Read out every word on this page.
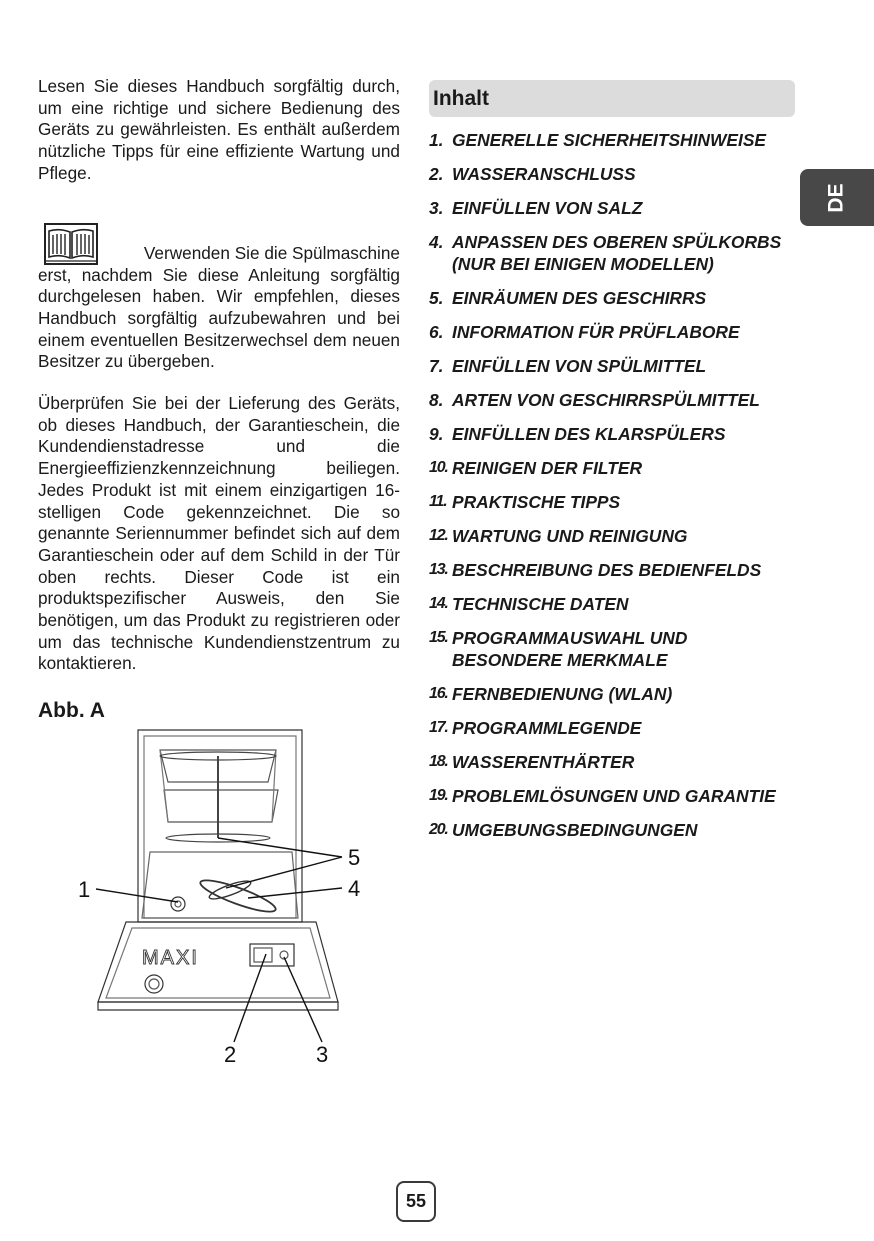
Lesen Sie dieses Handbuch sorgfältig durch, um eine richtige und sichere Bedienung des Geräts zu gewährleisten. Es enthält außerdem nützliche Tipps für eine effiziente Wartung und Pflege.

Verwenden Sie die Spülmaschine

erst, nachdem Sie diese Anleitung sorgfältig durchgelesen haben. Wir empfehlen, dieses Handbuch sorgfältig aufzubewahren und bei einem eventuellen Besitzerwechsel dem neuen Besitzer zu übergeben.

Überprüfen Sie bei der Lieferung des Geräts, ob dieses Handbuch, der Garantieschein, die Kundendienstadresse und die Energieeffizienzkennzeichnung beiliegen. Jedes Produkt ist mit einem einzigartigen 16-stelligen Code gekennzeichnet. Die so genannte Seriennummer befindet sich auf dem Garantieschein oder auf dem Schild in der Tür oben rechts. Dieser Code ist ein produktspezifischer Ausweis, den Sie benötigen, um das Produkt zu registrieren oder um das technische Kundendienstzentrum zu kontaktieren.

Abb. A
MAXI
1
2	3
4
5
Inhalt
1. GENERELLE SICHERHEITSHINWEISE
2. WASSERANSCHLUSS
3. EINFÜLLEN VON SALZ
4. ANPASSEN DES OBEREN SPÜLKORBS (NUR BEI EINIGEN MODELLEN)
5. EINRÄUMEN DES GESCHIRRS
6. INFORMATION FÜR PRÜFLABORE
7. EINFÜLLEN VON SPÜLMITTEL
8. ARTEN VON GESCHIRRSPÜLMITTEL
9. EINFÜLLEN DES KLARSPÜLERS
10. REINIGEN DER FILTER
11. PRAKTISCHE TIPPS
12. WARTUNG UND REINIGUNG
13. BESCHREIBUNG DES BEDIENFELDS
14. TECHNISCHE DATEN
15. PROGRAMMAUSWAHL UND BESONDERE MERKMALE
16. FERNBEDIENUNG (WLAN)
17. PROGRAMMLEGENDE
18. WASSERENTHÄRTER
19. PROBLEMLÖSUNGEN UND GARANTIE
20. UMGEBUNGSBEDINGUNGEN
DE
55
